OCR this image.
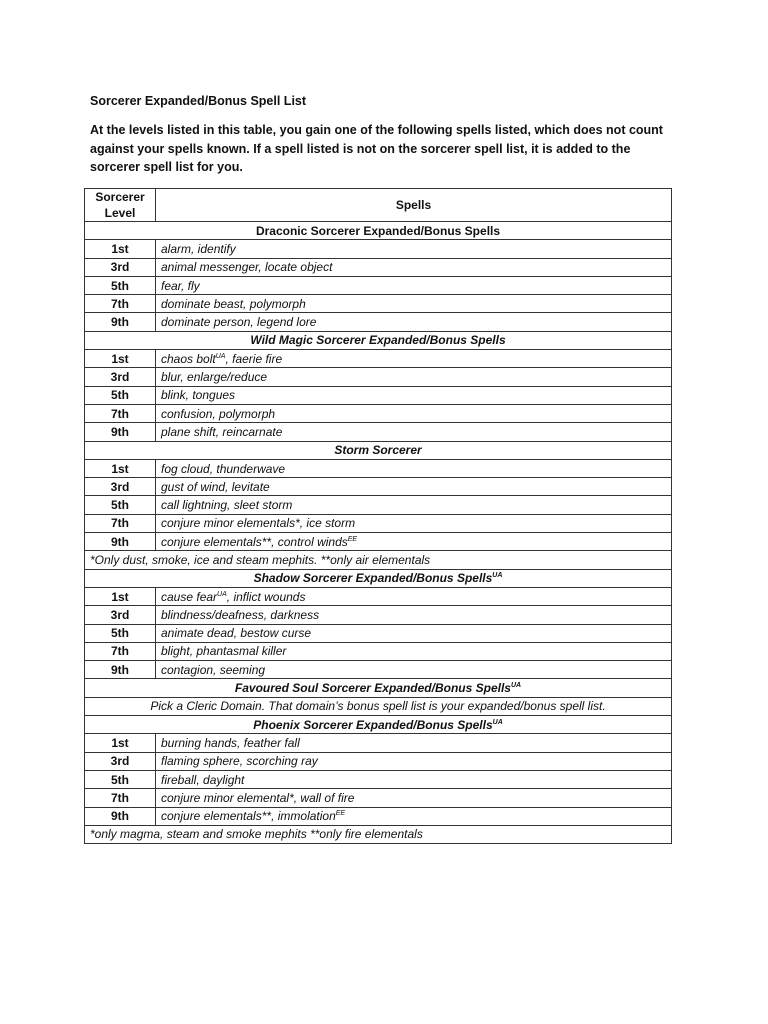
Sorcerer Expanded/Bonus Spell List
At the levels listed in this table, you gain one of the following spells listed, which does not count against your spells known. If a spell listed is not on the sorcerer spell list, it is added to the sorcerer spell list for you.
Sorcerer
Level	Spells
Draconic Sorcerer Expanded/Bonus Spells	
1st	alarm, identify
3rd	animal messenger, locate object
5th	fear, fly
7th	dominate beast, polymorph
9th	dominate person, legend lore
Wild Magic Sorcerer Expanded/Bonus Spells	
1st	chaos bolt$^{UA}$, faerie fire
3rd	blur, enlarge/reduce
5th	blink, tongues
7th	confusion, polymorph
9th	plane shift, reincarnate
Storm Sorcerer	
1st	fog cloud, thunderwave
3rd	gust of wind, levitate
5th	call lightning, sleet storm
7th	conjure minor elementals*, ice storm
9th	conjure elementals**, control winds$^{EE}$
*Only dust, smoke, ice and steam mephits. **only air elementals	
Shadow Sorcerer Expanded/Bonus Spells$^{UA}$
1st	cause fear$^{UA}$, inflict wounds
3rd	blindness/deafness, darkness
5th	animate dead, bestow curse
7th	blight, phantasmal killer
9th	contagion, seeming
Favoured Soul Sorcerer Expanded/Bonus Spells$^{UA}$
Pick a Cleric Domain. That domain’s bonus spell list is your expanded/bonus spell list.	
Phoenix Sorcerer Expanded/Bonus Spells$^{UA}$
1st	burning hands, feather fall
3rd	flaming sphere, scorching ray
5th	fireball, daylight
7th	conjure minor elemental*, wall of fire
9th	conjure elementals**, immolation$^{EE}$
*only magma, steam and smoke mephits **only fire elementals	
